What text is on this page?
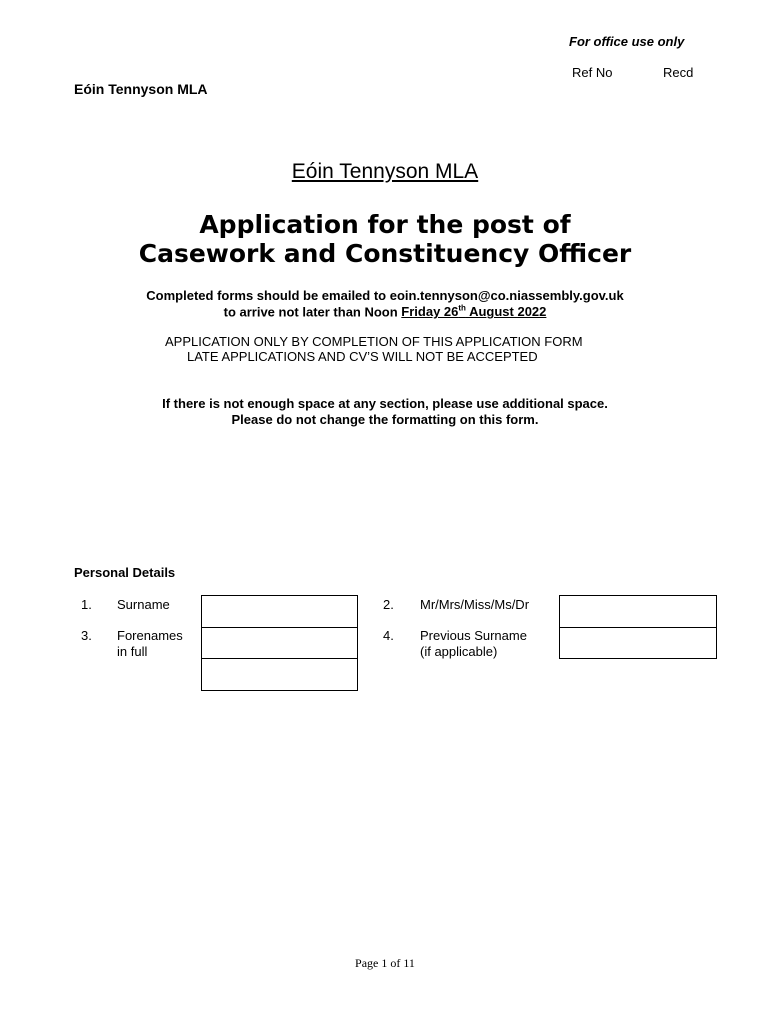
For office use only
Ref No	Recd
Eóin Tennyson MLA
Eóin Tennyson MLA
Application for the post of
Casework and Constituency Officer
Completed forms should be emailed to eoin.tennyson@co.niassembly.gov.uk
to arrive not later than Noon Friday 26th August 2022
APPLICATION ONLY BY COMPLETION OF THIS APPLICATION FORM
LATE APPLICATIONS AND CV’S WILL NOT BE ACCEPTED
If there is not enough space at any section, please use additional space.
Please do not change the formatting on this form.
Personal Details
1. Surname	2. Mr/Mrs/Miss/Ms/Dr
3. Forenames
in full
4. Previous Surname
(if applicable)
Page 1 of 11
